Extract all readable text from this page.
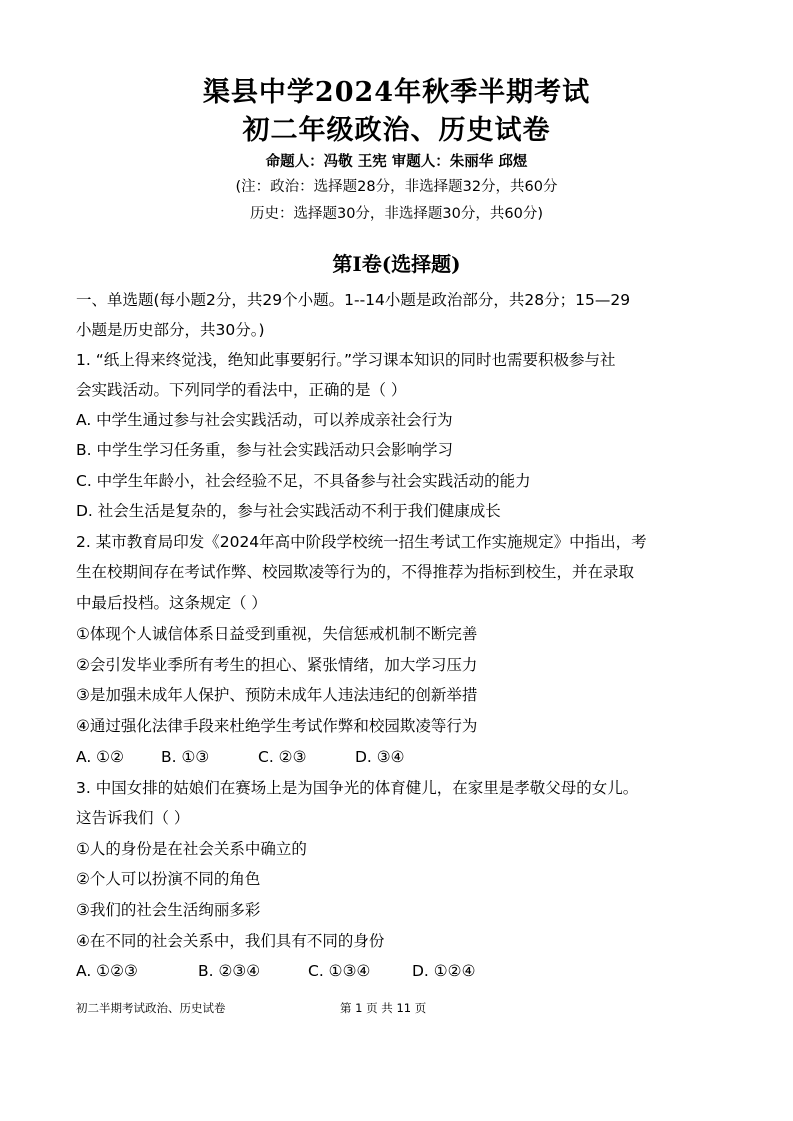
渠县中学2024年秋季半期考试
初二年级政治、历史试卷
命题人：冯敬 王宪 审题人：朱丽华 邱煜
(注：政治：选择题28分，非选择题32分，共60分
历史：选择题30分，非选择题30分，共60分)
第Ⅰ卷(选择题)
一、单选题(每小题2分，共29个小题。1--14小题是政治部分，共28分；15—29
小题是历史部分，共30分。)
1. “纸上得来终觉浅，绝知此事要躬行。”学习课本知识的同时也需要积极参与社
会实践活动。下列同学的看法中，正确的是（ ）
A. 中学生通过参与社会实践活动，可以养成亲社会行为
B. 中学生学习任务重，参与社会实践活动只会影响学习
C. 中学生年龄小，社会经验不足，不具备参与社会实践活动的能力
D. 社会生活是复杂的，参与社会实践活动不利于我们健康成长
2. 某市教育局印发《2024年高中阶段学校统一招生考试工作实施规定》中指出，考
生在校期间存在考试作弊、校园欺凌等行为的，不得推荐为指标到校生，并在录取
中最后投档。这条规定（ ）
①体现个人诚信体系日益受到重视，失信惩戒机制不断完善
②会引发毕业季所有考生的担心、紧张情绪，加大学习压力
③是加强未成年人保护、预防未成年人违法违纪的创新举措
④通过强化法律手段来杜绝学生考试作弊和校园欺凌等行为
A. ①② B. ①③	C. ②③	D. ③④
3. 中国女排的姑娘们在赛场上是为国争光的体育健儿，在家里是孝敬父母的女儿。
这告诉我们（ ）
①人的身份是在社会关系中确立的
②个人可以扮演不同的角色
③我们的社会生活绚丽多彩
④在不同的社会关系中，我们具有不同的身份
A. ①②③	B. ②③④	C. ①③④	D. ①②④
初二半期考试政治、历史试卷	第 1 页 共 11 页
